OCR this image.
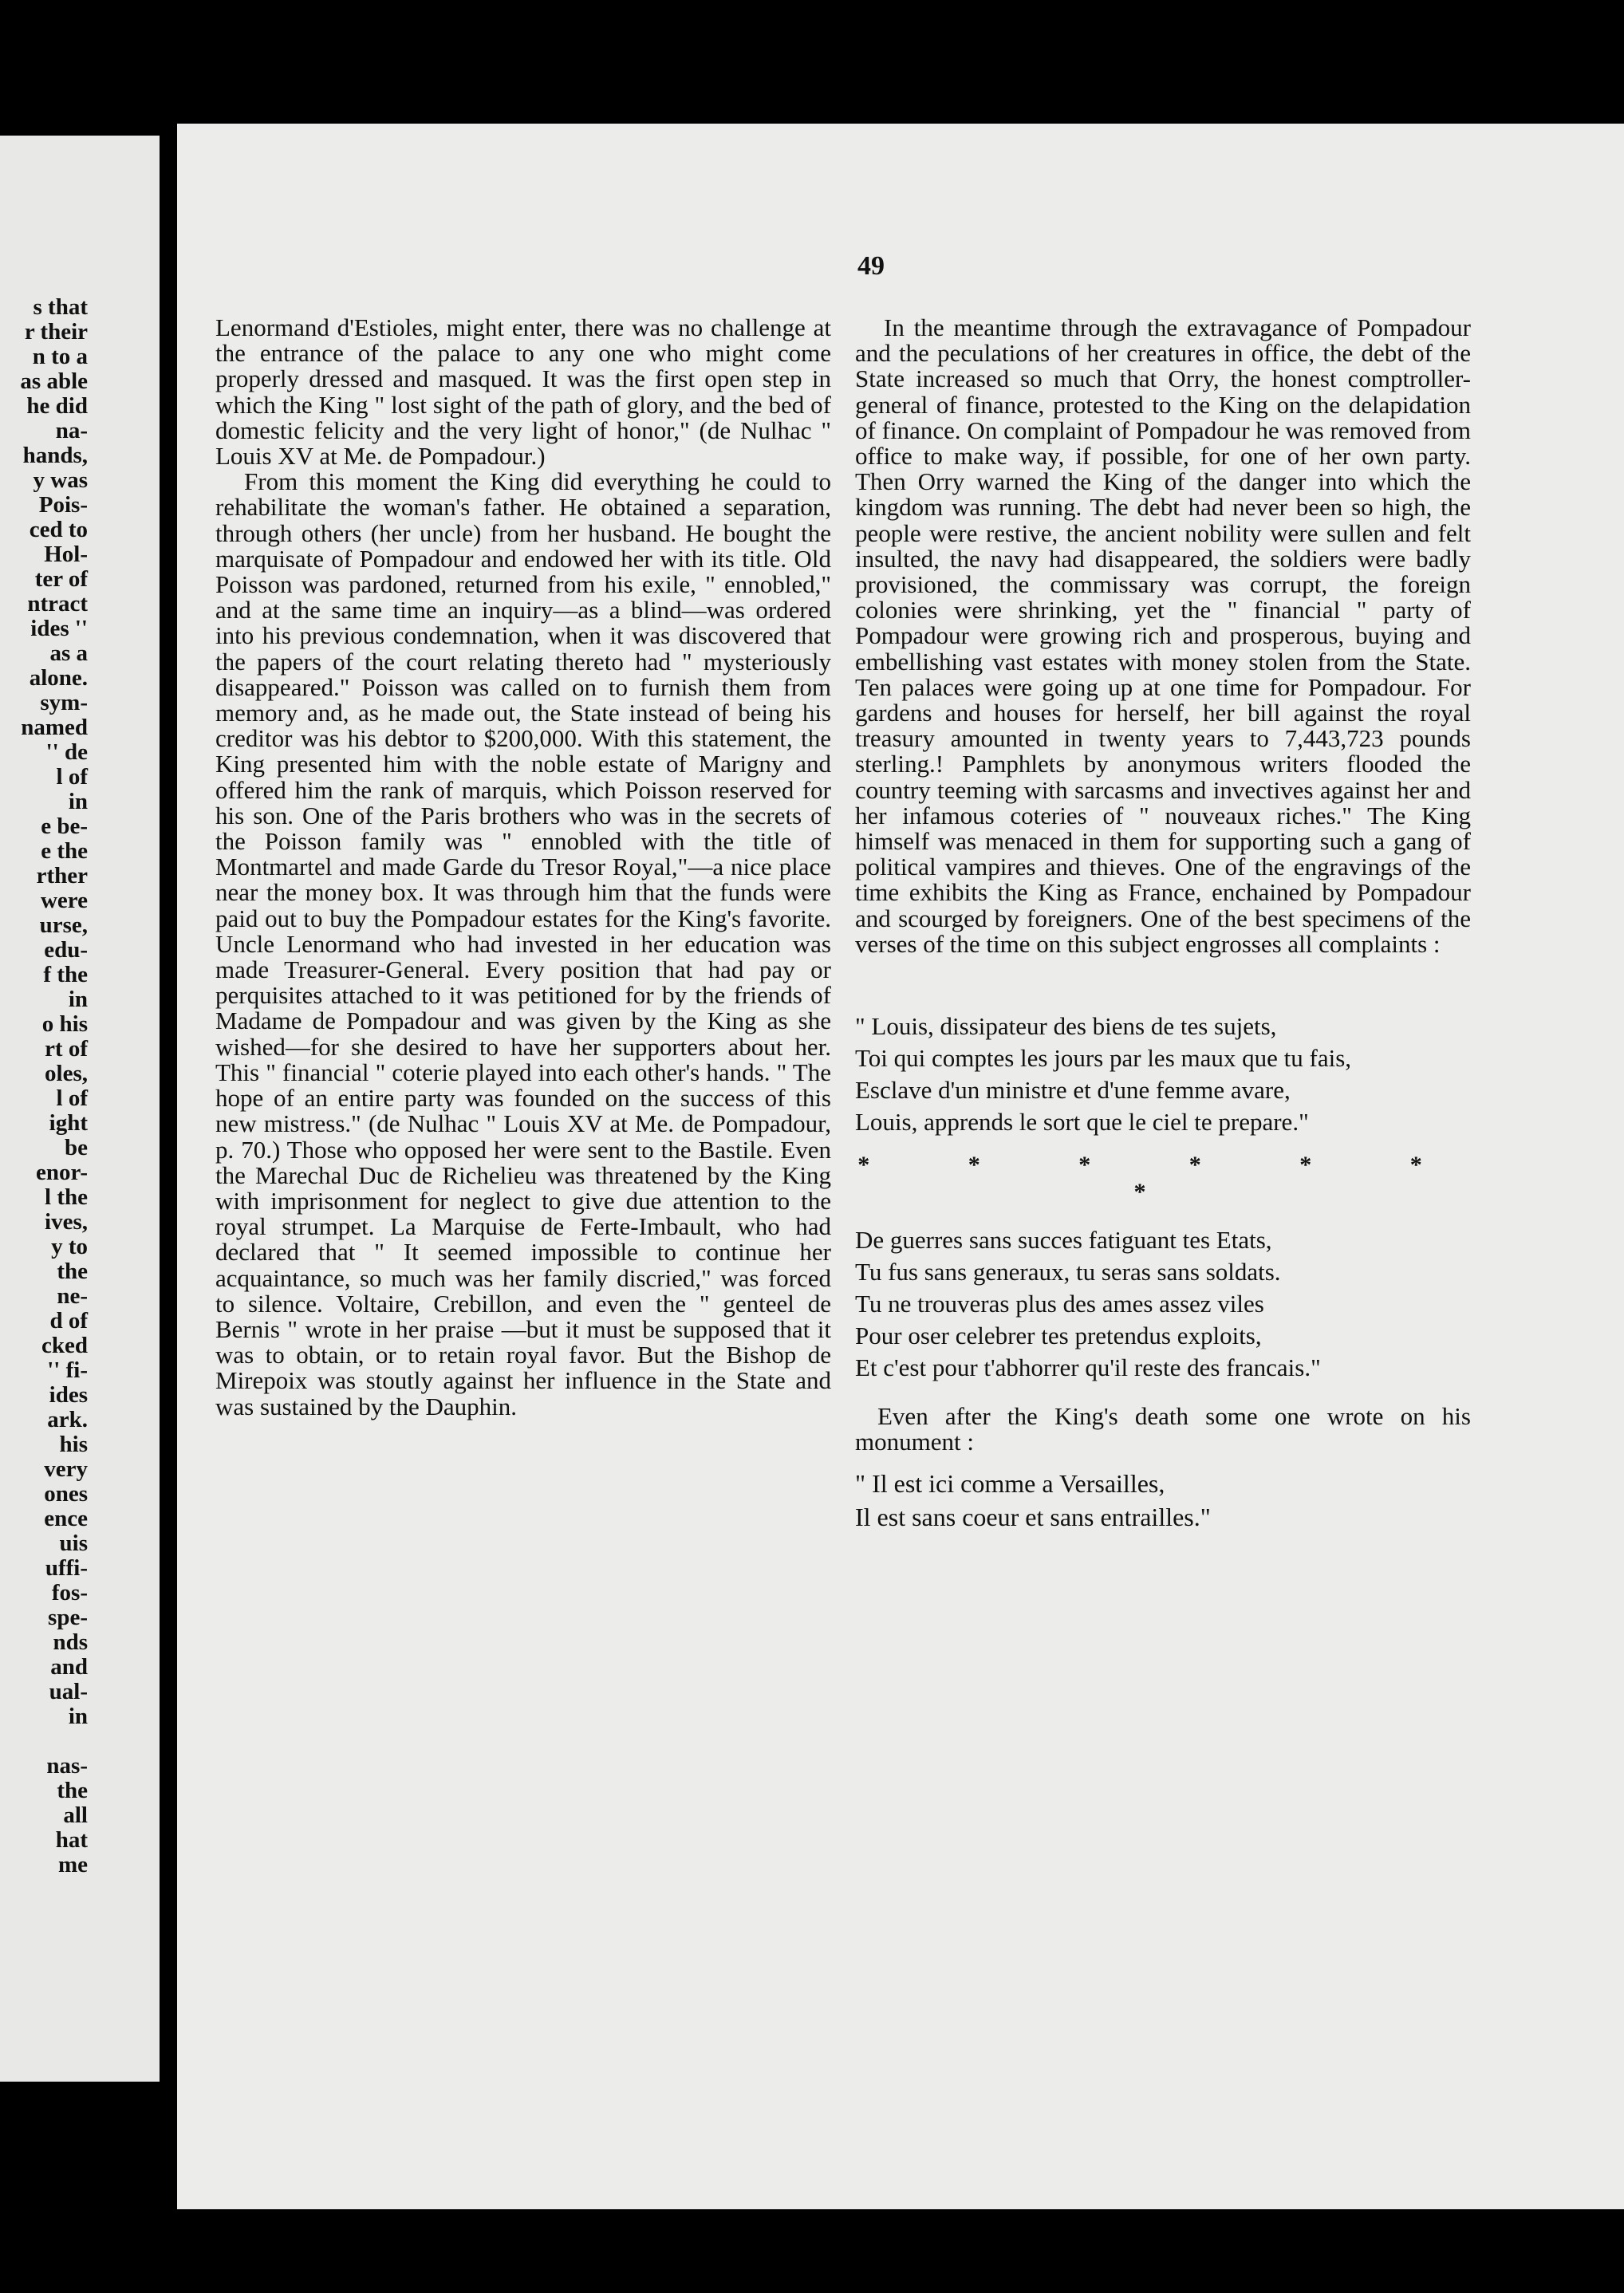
s that
r their
n to a
as able
he did
na-
hands,
y was
Pois-
ced to
Hol-
ter of
ntract
ides ''
as a
alone.
sym-
named
'' de
l of
in
e be-
e the
rther
were
urse,
edu-
f the
in
o his
rt of
oles,
l of
ight
be
enor-
l the
ives,
y to
the
ne-
d of
cked
'' fi-
ides
ark.
his
very
ones
ence
uis
uffi-
fos-
spe-
nds
and
ual-
in

nas-
the
all
hat
me
49

Lenormand d'Estioles, might enter, there was no challenge at the entrance of the palace to any one who might come properly dressed and masqued. It was the first open step in which the King " lost sight of the path of glory, and the bed of domestic felicity and the very light of honor," (de Nulhac " Louis XV at Me. de Pompadour.)

From this moment the King did everything he could to rehabilitate the woman's father. He obtained a separation, through others (her uncle) from her husband. He bought the marquisate of Pompadour and endowed her with its title. Old Poisson was pardoned, returned from his exile, " ennobled," and at the same time an inquiry—as a blind—was ordered into his previous condemnation, when it was discovered that the papers of the court relating thereto had " mysteriously disappeared." Poisson was called on to furnish them from memory and, as he made out, the State instead of being his creditor was his debtor to $200,000. With this statement, the King presented him with the noble estate of Marigny and offered him the rank of marquis, which Poisson reserved for his son. One of the Paris brothers who was in the secrets of the Poisson family was " ennobled with the title of Montmartel and made Garde du Tresor Royal,"—a nice place near the money box. It was through him that the funds were paid out to buy the Pompadour estates for the King's favorite. Uncle Lenormand who had invested in her education was made Treasurer-General. Every position that had pay or perquisites attached to it was petitioned for by the friends of Madame de Pompadour and was given by the King as she wished—for she desired to have her supporters about her. This " financial " coterie played into each other's hands. " The hope of an entire party was founded on the success of this new mistress." (de Nulhac " Louis XV at Me. de Pompadour, p. 70.) Those who opposed her were sent to the Bastile. Even the Marechal Duc de Richelieu was threatened by the King with imprisonment for neglect to give due attention to the royal strumpet. La Marquise de Ferte-Imbault, who had declared that " It seemed impossible to continue her acquaintance, so much was her family discried," was forced to silence. Voltaire, Crebillon, and even the " genteel de Bernis " wrote in her praise —but it must be supposed that it was to obtain, or to retain royal favor. But the Bishop de Mirepoix was stoutly against her influence in the State and was sustained by the Dauphin.

In the meantime through the extravagance of Pompadour and the peculations of her creatures in office, the debt of the State increased so much that Orry, the honest comptroller-general of finance, protested to the King on the delapidation of finance. On complaint of Pompadour he was removed from office to make way, if possible, for one of her own party. Then Orry warned the King of the danger into which the kingdom was running. The debt had never been so high, the people were restive, the ancient nobility were sullen and felt insulted, the navy had disappeared, the soldiers were badly provisioned, the commissary was corrupt, the foreign colonies were shrinking, yet the " financial " party of Pompadour were growing rich and prosperous, buying and embellishing vast estates with money stolen from the State. Ten palaces were going up at one time for Pompadour. For gardens and houses for herself, her bill against the royal treasury amounted in twenty years to 7,443,723 pounds sterling.! Pamphlets by anonymous writers flooded the country teeming with sarcasms and invectives against her and her infamous coteries of " nouveaux riches." The King himself was menaced in them for supporting such a gang of political vampires and thieves. One of the engravings of the time exhibits the King as France, enchained by Pompadour and scourged by foreigners. One of the best specimens of the verses of the time on this subject engrosses all complaints :

" Louis, dissipateur des biens de tes sujets,

Toi qui comptes les jours par les maux que tu fais,

Esclave d'un ministre et d'une femme avare,

Louis, apprends le sort que le ciel te prepare."

* * * * * * *

De guerres sans succes fatiguant tes Etats,

Tu fus sans generaux, tu seras sans soldats.

Tu ne trouveras plus des ames assez viles

Pour oser celebrer tes pretendus exploits,

Et c'est pour t'abhorrer qu'il reste des francais."

Even after the King's death some one wrote on his monument :

" Il est ici comme a Versailles,

Il est sans coeur et sans entrailles."
